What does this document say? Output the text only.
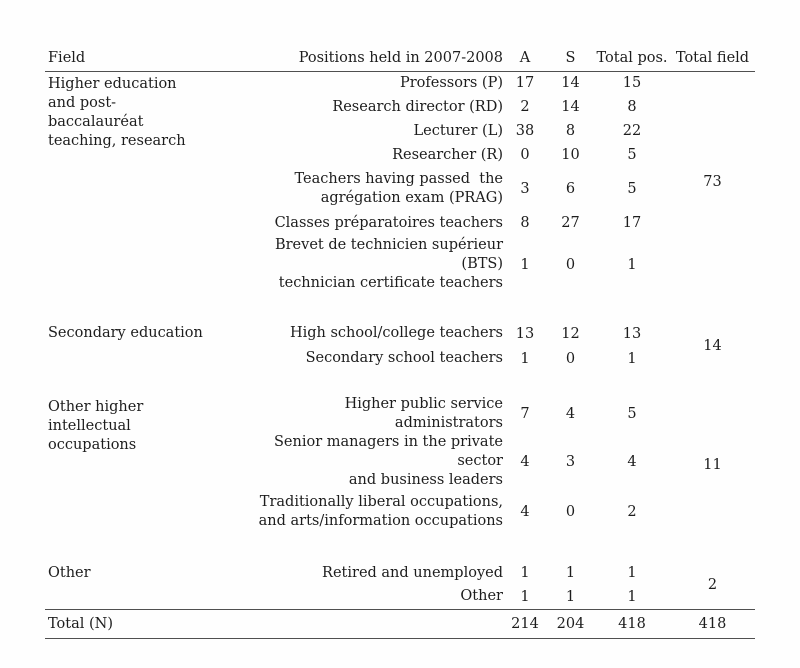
Field	Positions held in 2007-2008	A	S	Total pos.	Total field
Higher education
and post-
baccalauréat
teaching, research	Professors (P)	17	14	15	73
	Research director (RD)	2	14	8	
	Lecturer (L)	38	8	22	
	Researcher (R)	0	10	5	
	Teachers having passed  the
agrégation exam (PRAG)	3	6	5	
	Classes préparatoires teachers	8	27	17	
	Brevet de technicien supérieur (BTS)
technician certificate teachers	1	0	1	

Secondary education	High school/college teachers	13	12	13	14
	Secondary school teachers	1	0	1	

Other higher
intellectual
occupations	Higher public service administrators	7	4	5	11
	Senior managers in the private sector
and business leaders	4	3	4	
	Traditionally liberal occupations,
and arts/information occupations	4	0	2	

Other	Retired and unemployed	1	1	1	2
	Other	1	1	1	
Total (N)		214	204	418	418
